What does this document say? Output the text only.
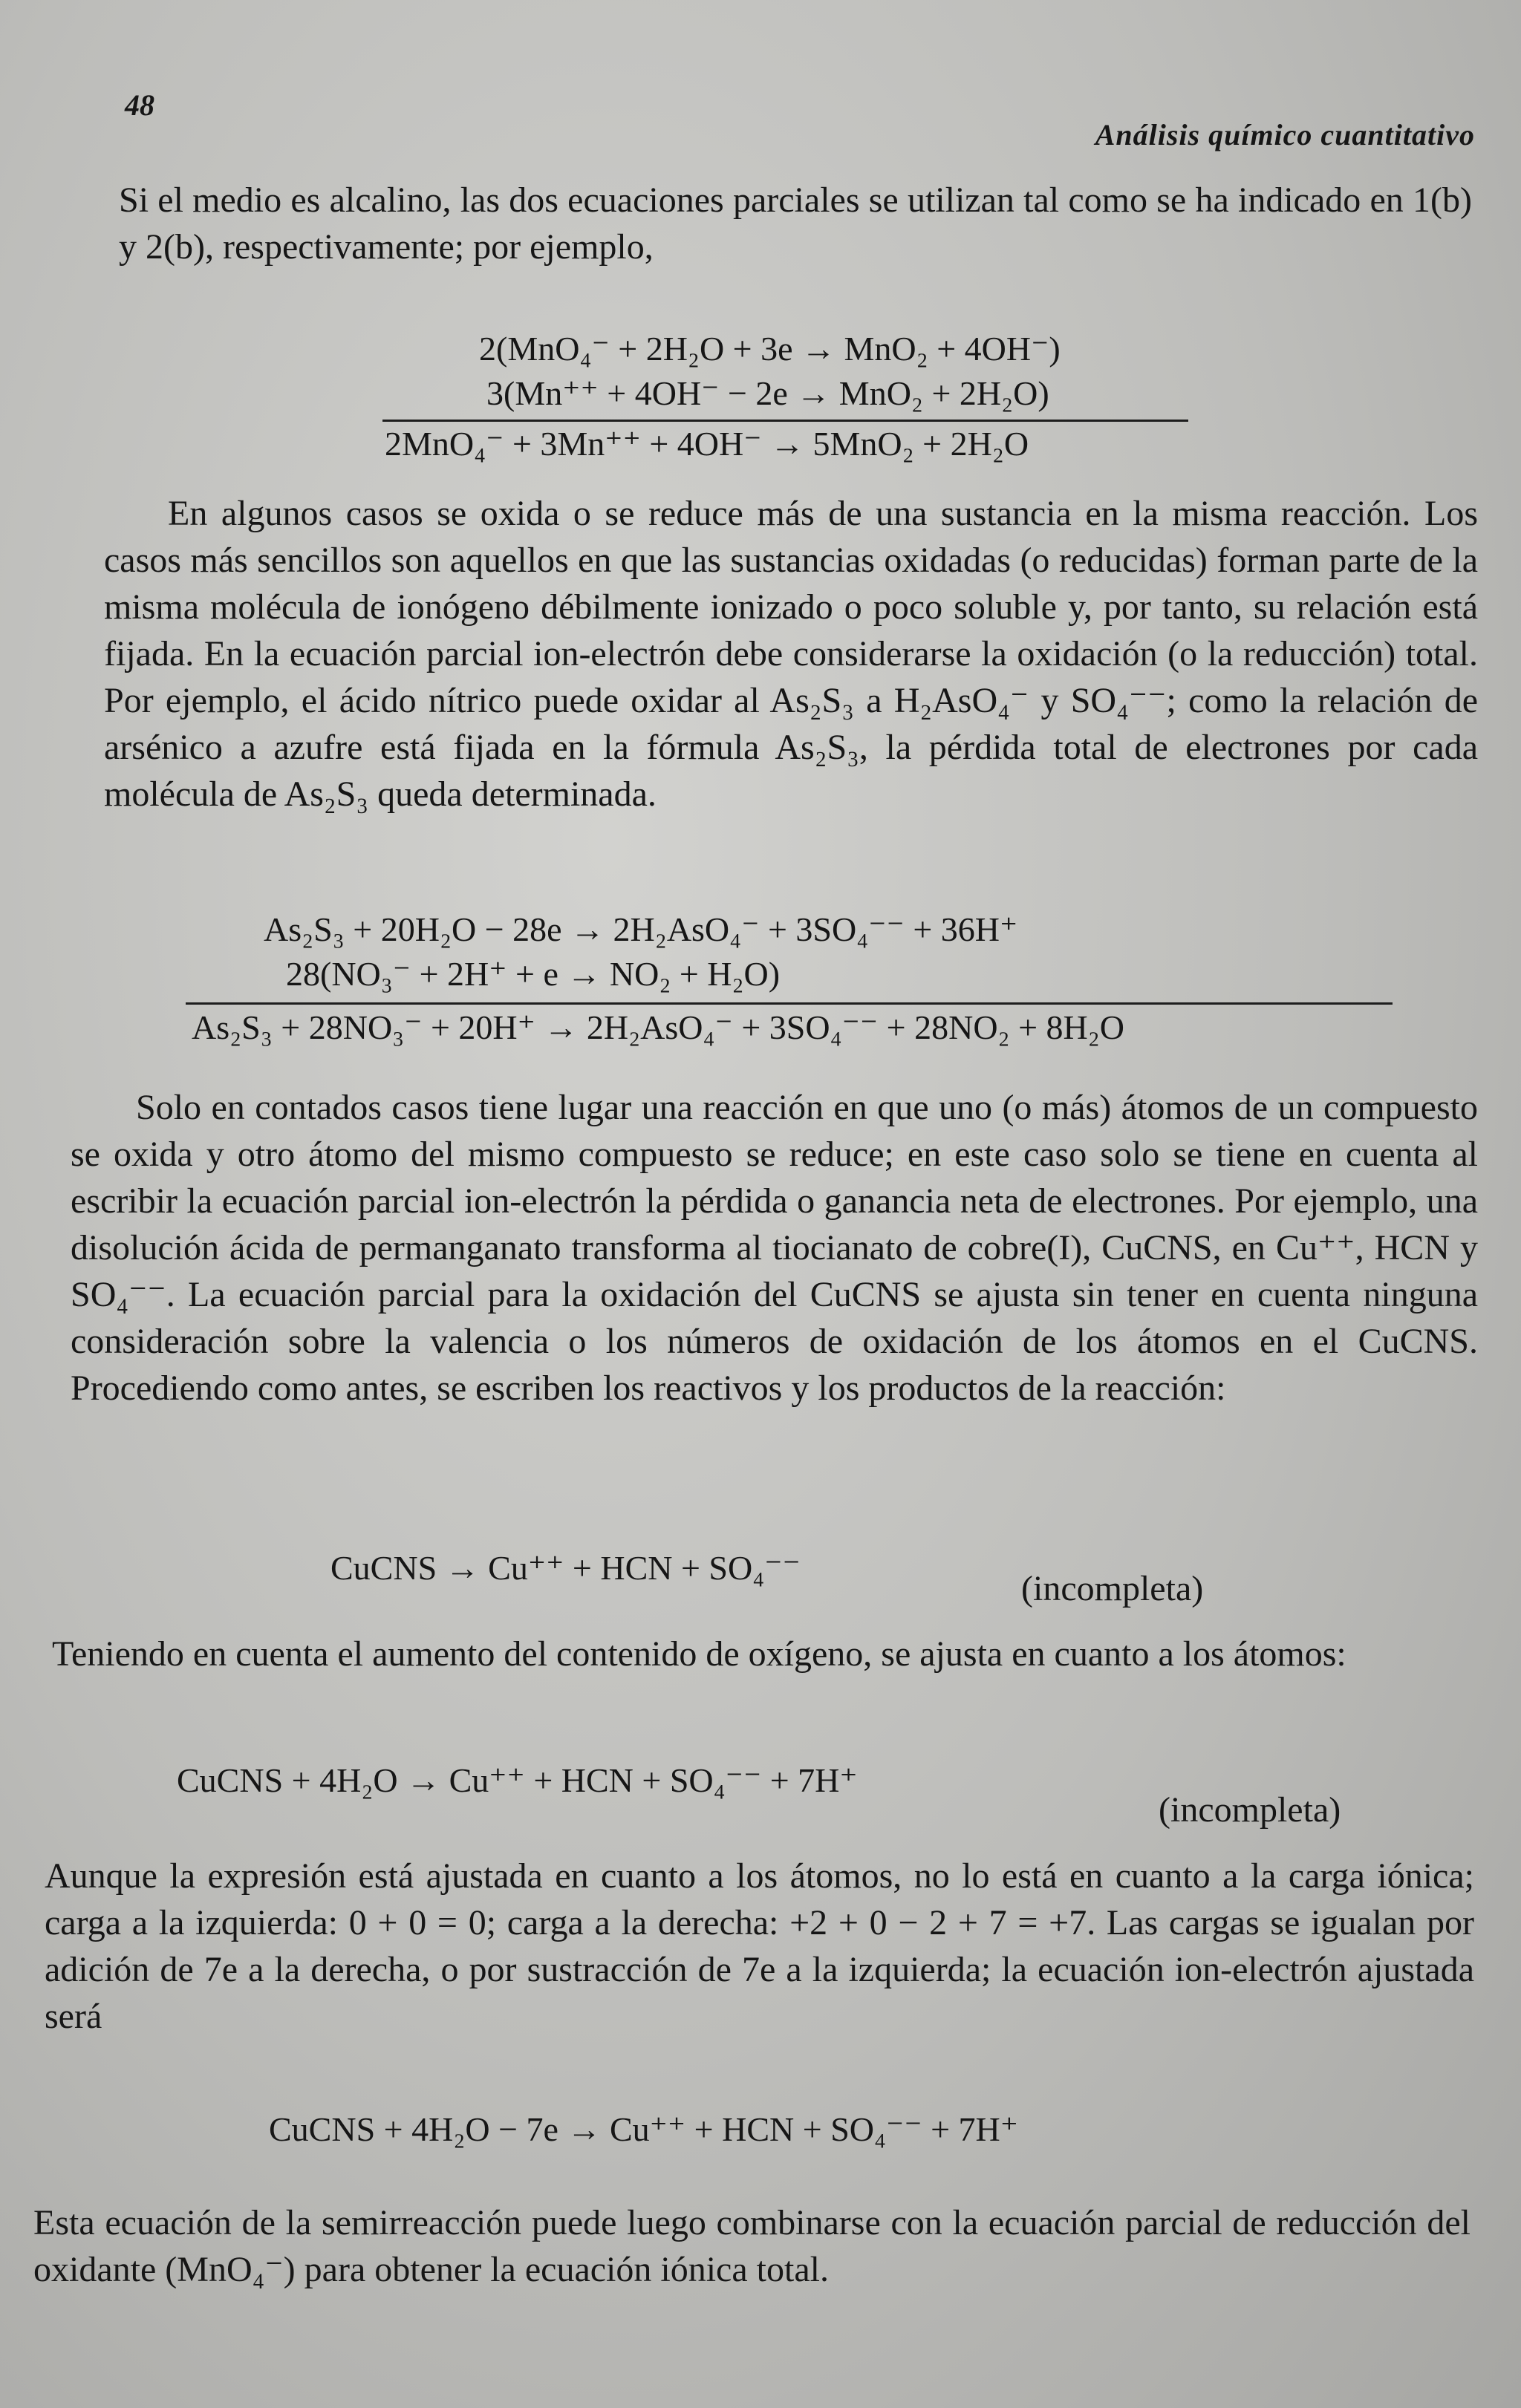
48
Análisis químico cuantitativo

Si el medio es alcalino, las dos ecuaciones parciales se utilizan tal como se ha indicado en 1(b) y 2(b), respectivamente; por ejemplo,

2(MnO₄⁻ + 2H₂O + 3e → MnO₂ + 4OH⁻)
3(Mn⁺⁺ + 4OH⁻ − 2e → MnO₂ + 2H₂O)
2MnO₄⁻ + 3Mn⁺⁺ + 4OH⁻ → 5MnO₂ + 2H₂O

En algunos casos se oxida o se reduce más de una sustancia en la misma reacción. Los casos más sencillos son aquellos en que las sustancias oxidadas (o reducidas) forman parte de la misma molécula de ionógeno débilmente ionizado o poco soluble y, por tanto, su relación está fijada. En la ecuación parcial ion-electrón debe considerarse la oxidación (o la reducción) total. Por ejemplo, el ácido nítrico puede oxidar al As₂S₃ a H₂AsO₄⁻ y SO₄⁻⁻; como la relación de arsénico a azufre está fijada en la fórmula As₂S₃, la pérdida total de electrones por cada molécula de As₂S₃ queda determinada.

As₂S₃ + 20H₂O − 28e → 2H₂AsO₄⁻ + 3SO₄⁻⁻ + 36H⁺
28(NO₃⁻ + 2H⁺ + e → NO₂ + H₂O)
As₂S₃ + 28NO₃⁻ + 20H⁺ → 2H₂AsO₄⁻ + 3SO₄⁻⁻ + 28NO₂ + 8H₂O

Solo en contados casos tiene lugar una reacción en que uno (o más) átomos de un compuesto se oxida y otro átomo del mismo compuesto se reduce; en este caso solo se tiene en cuenta al escribir la ecuación parcial ion-electrón la pérdida o ganancia neta de electrones. Por ejemplo, una disolución ácida de permanganato transforma al tiocianato de cobre(I), CuCNS, en Cu⁺⁺, HCN y SO₄⁻⁻. La ecuación parcial para la oxidación del CuCNS se ajusta sin tener en cuenta ninguna consideración sobre la valencia o los números de oxidación de los átomos en el CuCNS. Procediendo como antes, se escriben los reactivos y los productos de la reacción:

CuCNS → Cu⁺⁺ + HCN + SO₄⁻⁻
(incompleta)

Teniendo en cuenta el aumento del contenido de oxígeno, se ajusta en cuanto a los átomos:

CuCNS + 4H₂O → Cu⁺⁺ + HCN + SO₄⁻⁻ + 7H⁺
(incompleta)

Aunque la expresión está ajustada en cuanto a los átomos, no lo está en cuanto a la carga iónica; carga a la izquierda: 0 + 0 = 0; carga a la derecha: +2 + 0 − 2 + 7 = +7. Las cargas se igualan por adición de 7e a la derecha, o por sustracción de 7e a la izquierda; la ecuación ion-electrón ajustada será

CuCNS + 4H₂O − 7e → Cu⁺⁺ + HCN + SO₄⁻⁻ + 7H⁺

Esta ecuación de la semirreacción puede luego combinarse con la ecuación parcial de reducción del oxidante (MnO₄⁻) para obtener la ecuación iónica total.
